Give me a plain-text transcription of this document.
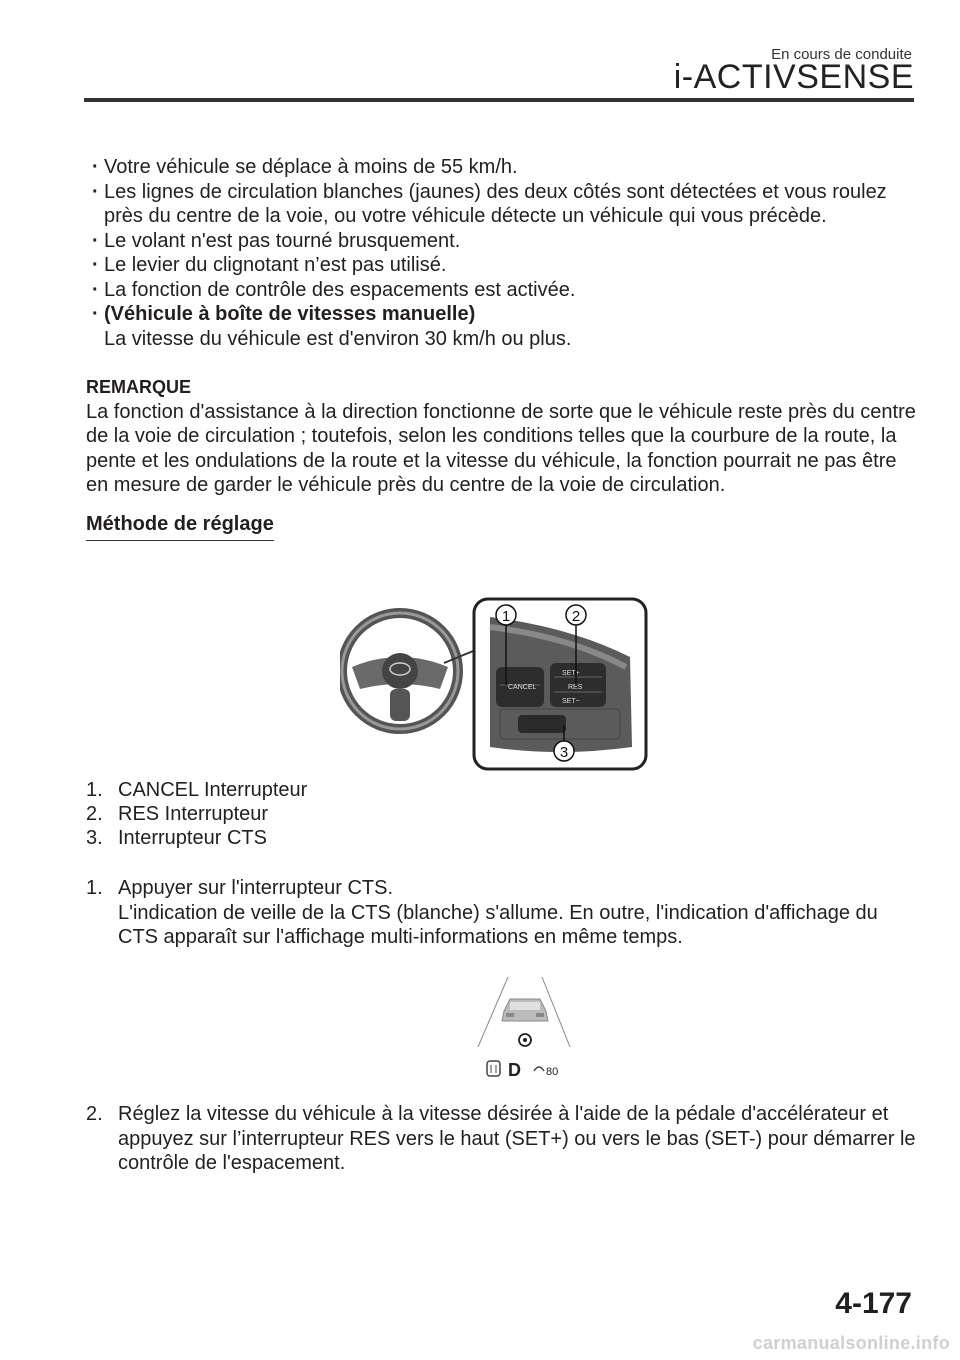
En cours de conduite
i-ACTIVSENSE
· Votre véhicule se déplace à moins de 55 km/h.
· Les lignes de circulation blanches (jaunes) des deux côtés sont détectées et vous roulez près du centre de la voie, ou votre véhicule détecte un véhicule qui vous précède.
· Le volant n'est pas tourné brusquement.
· Le levier du clignotant n’est pas utilisé.
· La fonction de contrôle des espacements est activée.
· (Véhicule à boîte de vitesses manuelle)
La vitesse du véhicule est d'environ 30 km/h ou plus.
REMARQUE
La fonction d'assistance à la direction fonctionne de sorte que le véhicule reste près du centre de la voie de circulation ; toutefois, selon les conditions telles que la courbure de la route, la pente et les ondulations de la route et la vitesse du véhicule, la fonction pourrait ne pas être en mesure de garder le véhicule près du centre de la voie de circulation.
Méthode de réglage
CANCEL
SET+
RES
SET−
1	2
3
1. CANCEL Interrupteur
2. RES Interrupteur
3. Interrupteur CTS
1. Appuyer sur l'interrupteur CTS.
L'indication de veille de la CTS (blanche) s'allume. En outre, l'indication d'affichage du CTS apparaît sur l'affichage multi-informations en même temps.
D 80
2. Réglez la vitesse du véhicule à la vitesse désirée à l'aide de la pédale d'accélérateur et appuyez sur l’interrupteur RES vers le haut (SET+) ou vers le bas (SET-) pour démarrer le contrôle de l'espacement.
4-177
carmanualsonline.info
